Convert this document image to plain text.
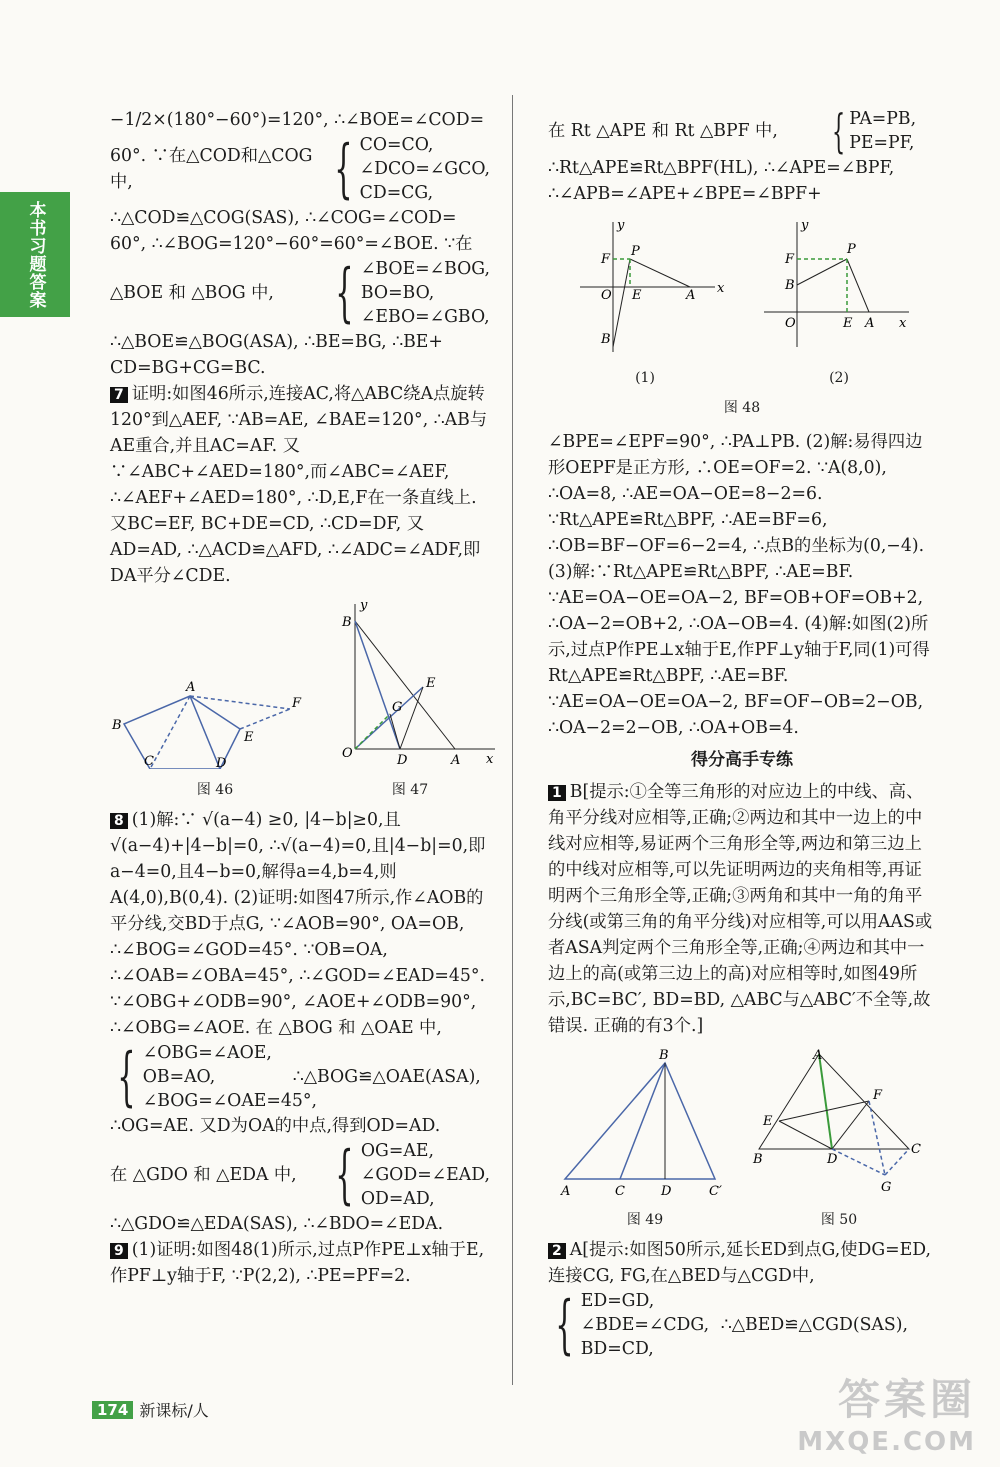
本书习题答案

−1/2×(180°−60°)=120°, ∴∠BOE=∠COD=

60°. ∵在△COD和△COG中,	{ CO=CO,

∠DCO=∠GCO,

CD=CG,

∴△COD≌△COG(SAS), ∴∠COG=∠COD=

60°, ∴∠BOG=120°−60°=60°=∠BOE. ∵在

△BOE 和 △BOG 中, { ∠BOE=∠BOG,

BO=BO,

∠EBO=∠GBO,

∴△BOE≌△BOG(ASA), ∴BE=BG, ∴BE+

CD=BG+CG=BC.

7 证明:如图46所示,连接AC,将△ABC绕A点旋转120°到△AEF, ∵AB=AE, ∠BAE=120°, ∴AB与AE重合,并且AC=AF. 又∵∠ABC+∠AED=180°,而∠ABC=∠AEF, ∴∠AEF+∠AED=180°, ∴D,E,F在一条直线上. 又BC=EF, BC+DE=CD, ∴CD=DF, 又AD=AD, ∴△ACD≌△AFD, ∴∠ADC=∠ADF,即DA平分∠CDE.

A
B
C	D
E
F
图 46
O
B
D	A
E
G
y
x
图 47

8 (1)解:∵ √(a−4) ≥0, |4−b|≥0,且√(a−4)+|4−b|=0, ∴√(a−4)=0,且|4−b|=0,即a−4=0,且4−b=0,解得a=4,b=4,则A(4,0),B(0,4). (2)证明:如图47所示,作∠AOB的平分线,交BD于点G, ∵∠AOB=90°, OA=OB, ∴∠BOG=∠GOD=45°. ∵OB=OA, ∴∠OAB=∠OBA=45°, ∴∠GOD=∠EAD=45°. ∵∠OBG+∠ODB=90°, ∠AOE+∠ODB=90°, ∴∠OBG=∠AOE. 在 △BOG 和 △OAE 中,

{ ∠OBG=∠AOE,

OB=AO,

∠BOG=∠OAE=45°,

∴△BOG≌△OAE(ASA),

∴OG=AE. 又D为OA的中点,得到OD=AD.

在 △GDO 和 △EDA 中, { OG=AE,

∠GOD=∠EAD,

OD=AD,

∴△GDO≌△EDA(SAS), ∴∠BDO=∠EDA.

9 (1)证明:如图48(1)所示,过点P作PE⊥x轴于E,作PF⊥y轴于F, ∵P(2,2), ∴PE=PF=2.

在 Rt △APE 和 Rt △BPF 中,	{ PA=PB,

PE=PF,

∴Rt△APE≌Rt△BPF(HL), ∴∠APE=∠BPF, ∴∠APB=∠APE+∠BPE=∠BPF+

y
x
O
P
F
E	A
B
(1)
y
x
O
P
F
B
E A
(2)
图 48

∠BPE=∠EPF=90°, ∴PA⊥PB. (2)解:易得四边形OEPF是正方形, ∴OE=OF=2. ∵A(8,0), ∴OA=8, ∴AE=OA−OE=8−2=6. ∵Rt△APE≌Rt△BPF, ∴AE=BF=6, ∴OB=BF−OF=6−2=4, ∴点B的坐标为(0,−4). (3)解:∵Rt△APE≌Rt△BPF, ∴AE=BF. ∵AE=OA−OE=OA−2, BF=OB+OF=OB+2, ∴OA−2=OB+2, ∴OA−OB=4. (4)解:如图(2)所示,过点P作PE⊥x轴于E,作PF⊥y轴于F,同(1)可得Rt△APE≌Rt△BPF, ∴AE=BF. ∵AE=OA−OE=OA−2, BF=OF−OB=2−OB, ∴OA−2=2−OB, ∴OA+OB=4.

得分高手专练

1 B[提示:①全等三角形的对应边上的中线、高、角平分线对应相等,正确;②两边和其中一边上的中线对应相等,易证两个三角形全等,两边和第三边上的中线对应相等,可以先证明两边的夹角相等,再证明两个三角形全等,正确;③两角和其中一角的角平分线(或第三角的角平分线)对应相等,可以用AAS或者ASA判定两个三角形全等,正确;④两边和其中一边上的高(或第三边上的高)对应相等时,如图49所示,BC=BC′, BD=BD, △ABC与△ABC′不全等,故错误. 正确的有3个.]

B
A	C	D	C′
图 49
A
E
F
B	D
C
G
图 50

2 A[提示:如图50所示,延长ED到点G,使DG=ED,连接CG, FG,在△BED与△CGD中,

{ ED=GD,

∠BDE=∠CDG,

BD=CD,

∴△BED≌△CGD(SAS),

174 新课标/人	答案圈
MXQE.COM
